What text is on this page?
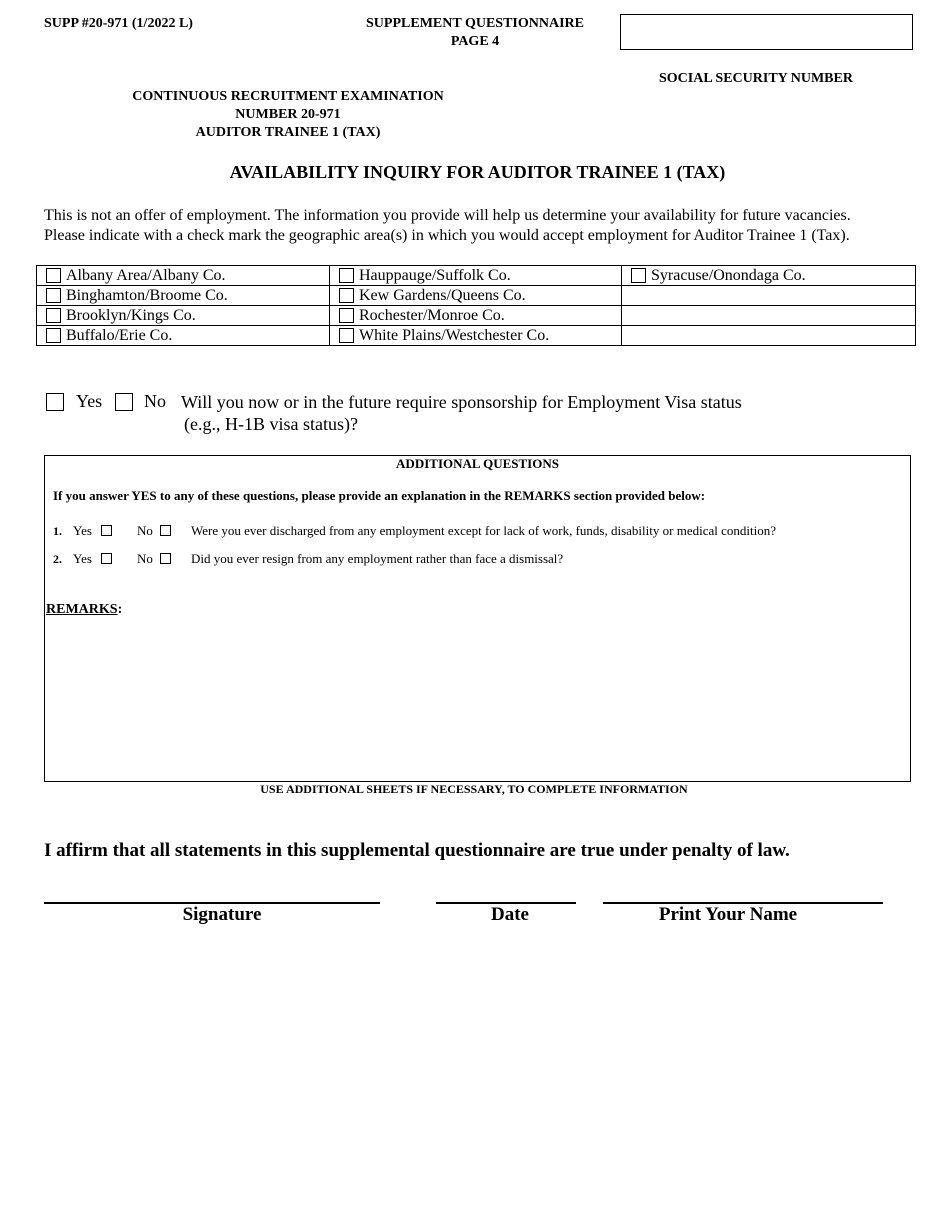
SUPP #20-971 (1/2022 L)	SUPPLEMENT QUESTIONNAIRE
PAGE 4
SOCIAL SECURITY NUMBER
CONTINUOUS RECRUITMENT EXAMINATION
NUMBER 20-971
AUDITOR TRAINEE 1 (TAX)
AVAILABILITY INQUIRY FOR AUDITOR TRAINEE 1 (TAX)
This is not an offer of employment. The information you provide will help us determine your availability for future vacancies.
Please indicate with a check mark the geographic area(s) in which you would accept employment for Auditor Trainee 1 (Tax).
Albany Area/Albany Co.	Hauppauge/Suffolk Co.	Syracuse/Onondaga Co.
Binghamton/Broome Co.	Kew Gardens/Queens Co.	
Brooklyn/Kings Co.	Rochester/Monroe Co.	
Buffalo/Erie Co.	White Plains/Westchester Co.	
Yes No Will you now or in the future require sponsorship for Employment Visa status
(e.g., H-1B visa status)?
ADDITIONAL QUESTIONS
If you answer YES to any of these questions, please provide an explanation in the REMARKS section provided below:
1. Yes	No	Were you ever discharged from any employment except for lack of work, funds, disability or medical condition?
2. Yes	No	Did you ever resign from any employment rather than face a dismissal?
REMARKS:
USE ADDITIONAL SHEETS IF NECESSARY, TO COMPLETE INFORMATION
I affirm that all statements in this supplemental questionnaire are true under penalty of law.
Signature	Date	Print Your Name
